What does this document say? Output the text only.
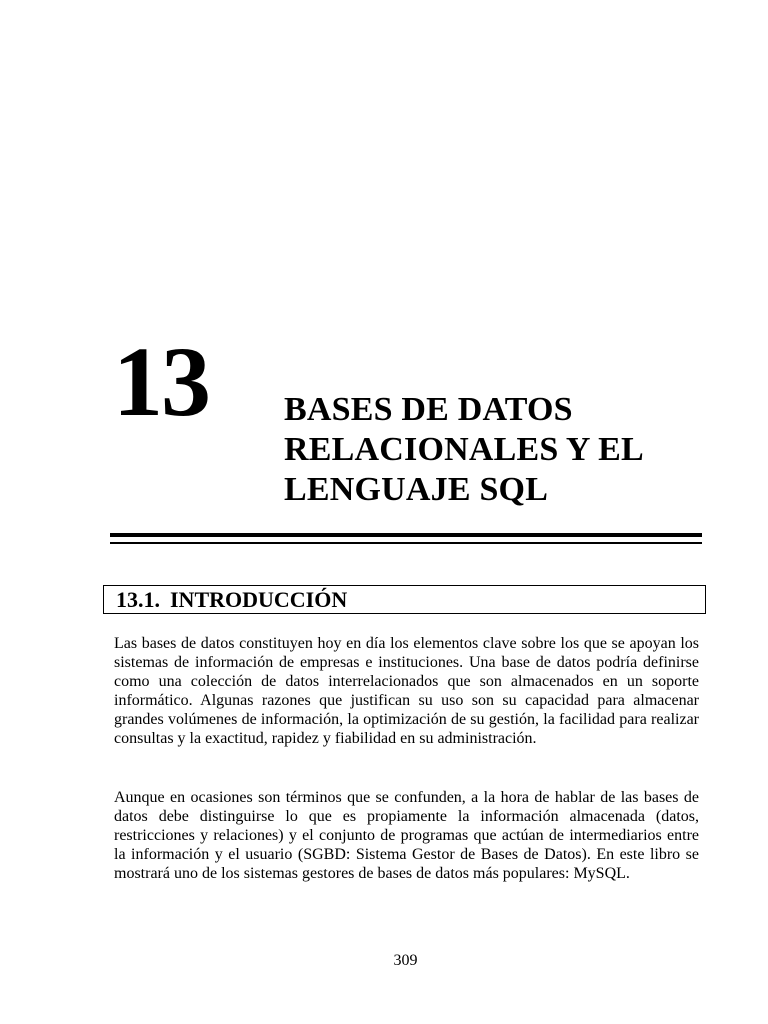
13 BASES DE DATOS
RELACIONALES Y EL
LENGUAJE SQL
13.1. INTRODUCCIÓN
Las bases de datos constituyen hoy en día los elementos clave sobre los que se apoyan los sistemas de información de empresas e instituciones. Una base de datos podría definirse como una colección de datos interrelacionados que son almacenados en un soporte informático. Algunas razones que justifican su uso son su capacidad para almacenar grandes volúmenes de información, la optimización de su gestión, la facilidad para realizar consultas y la exactitud, rapidez y fiabilidad en su administración.
Aunque en ocasiones son términos que se confunden, a la hora de hablar de las bases de datos debe distinguirse lo que es propiamente la información almacenada (datos, restricciones y relaciones) y el conjunto de programas que actúan de intermediarios entre la información y el usuario (SGBD: Sistema Gestor de Bases de Datos). En este libro se mostrará uno de los sistemas gestores de bases de datos más populares: MySQL.
309
